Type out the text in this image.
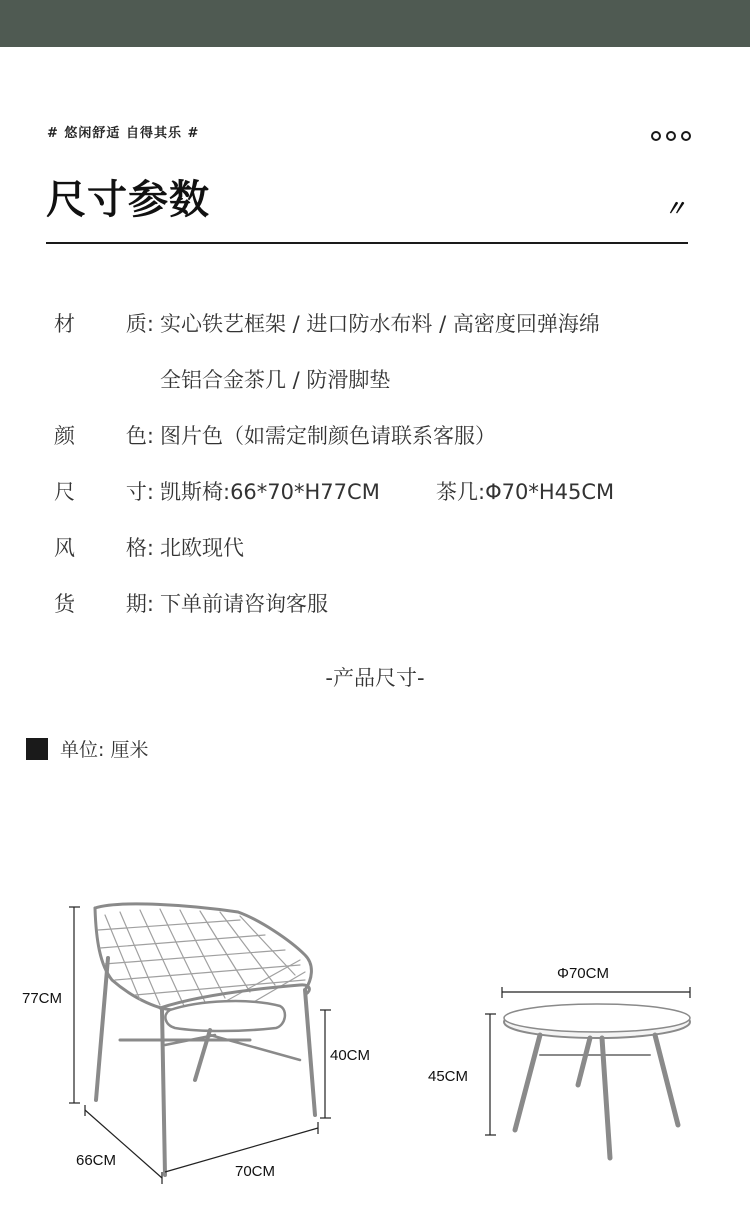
# 悠闲舒适 自得其乐 #
尺寸参数	〃
材 质: 实心铁艺框架 / 进口防水布料 / 高密度回弹海绵
全铝合金茶几 / 防滑脚垫
颜 色: 图片色（如需定制颜色请联系客服）
尺 寸: 凯斯椅:66*70*H77CM	茶几:Φ70*H45CM
风 格: 北欧现代
货 期: 下单前请咨询客服
-产品尺寸-
单位: 厘米
77CM
40CM
66CM
70CM
Φ70CM
45CM
